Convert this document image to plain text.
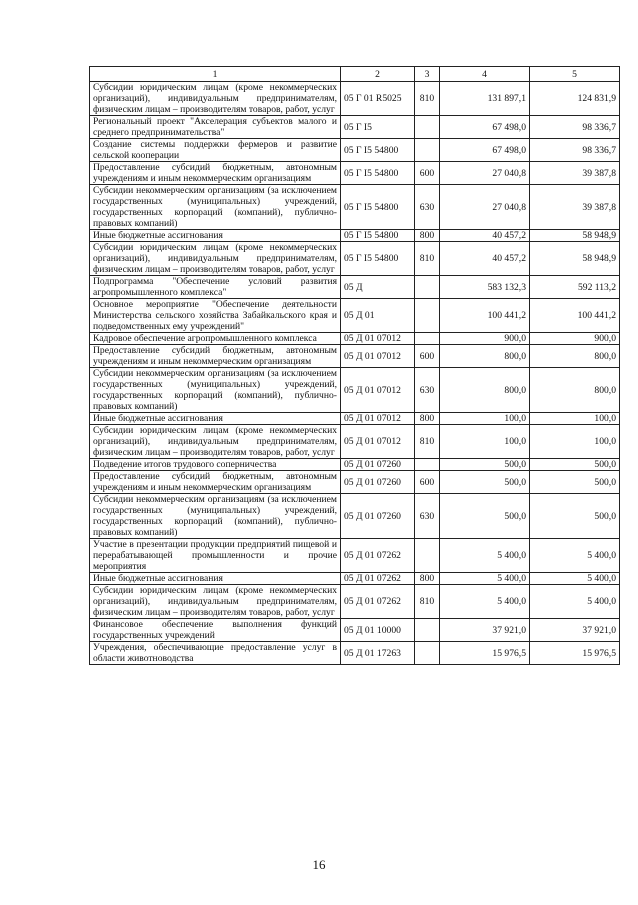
1	2	3	4	5
Субсидии юридическим лицам (кроме некоммерческих организаций), индивидуальным предпринимателям, физическим лицам – производителям товаров, работ, услуг	05 Г 01 R5025	810	131 897,1	124 831,9
Региональный проект "Акселерация субъектов малого и среднего предпринимательства"	05 Г I5		67 498,0	98 336,7
Создание системы поддержки фермеров и развитие сельской кооперации	05 Г I5 54800		67 498,0	98 336,7
Предоставление субсидий бюджетным, автономным учреждениям и иным некоммерческим организациям	05 Г I5 54800	600	27 040,8	39 387,8
Субсидии некоммерческим организациям (за исключением государственных (муниципальных) учреждений, государственных корпораций (компаний), публично-правовых компаний)	05 Г I5 54800	630	27 040,8	39 387,8
Иные бюджетные ассигнования	05 Г I5 54800	800	40 457,2	58 948,9
Субсидии юридическим лицам (кроме некоммерческих организаций), индивидуальным предпринимателям, физическим лицам – производителям товаров, работ, услуг	05 Г I5 54800	810	40 457,2	58 948,9
Подпрограмма "Обеспечение условий развития агропромышленного комплекса"	05 Д		583 132,3	592 113,2
Основное мероприятие "Обеспечение деятельности Министерства сельского хозяйства Забайкальского края и подведомственных ему учреждений"	05 Д 01		100 441,2	100 441,2
Кадровое обеспечение агропромышленного комплекса	05 Д 01 07012		900,0	900,0
Предоставление субсидий бюджетным, автономным учреждениям и иным некоммерческим организациям	05 Д 01 07012	600	800,0	800,0
Субсидии некоммерческим организациям (за исключением государственных (муниципальных) учреждений, государственных корпораций (компаний), публично-правовых компаний)	05 Д 01 07012	630	800,0	800,0
Иные бюджетные ассигнования	05 Д 01 07012	800	100,0	100,0
Субсидии юридическим лицам (кроме некоммерческих организаций), индивидуальным предпринимателям, физическим лицам – производителям товаров, работ, услуг	05 Д 01 07012	810	100,0	100,0
Подведение итогов трудового соперничества	05 Д 01 07260		500,0	500,0
Предоставление субсидий бюджетным, автономным учреждениям и иным некоммерческим организациям	05 Д 01 07260	600	500,0	500,0
Субсидии некоммерческим организациям (за исключением государственных (муниципальных) учреждений, государственных корпораций (компаний), публично-правовых компаний)	05 Д 01 07260	630	500,0	500,0
Участие в презентации продукции предприятий пищевой и перерабатывающей промышленности и прочие мероприятия	05 Д 01 07262		5 400,0	5 400,0
Иные бюджетные ассигнования	05 Д 01 07262	800	5 400,0	5 400,0
Субсидии юридическим лицам (кроме некоммерческих организаций), индивидуальным предпринимателям, физическим лицам – производителям товаров, работ, услуг	05 Д 01 07262	810	5 400,0	5 400,0
Финансовое обеспечение выполнения функций государственных учреждений	05 Д 01 10000		37 921,0	37 921,0
Учреждения, обеспечивающие предоставление услуг в области животноводства	05 Д 01 17263		15 976,5	15 976,5
16
